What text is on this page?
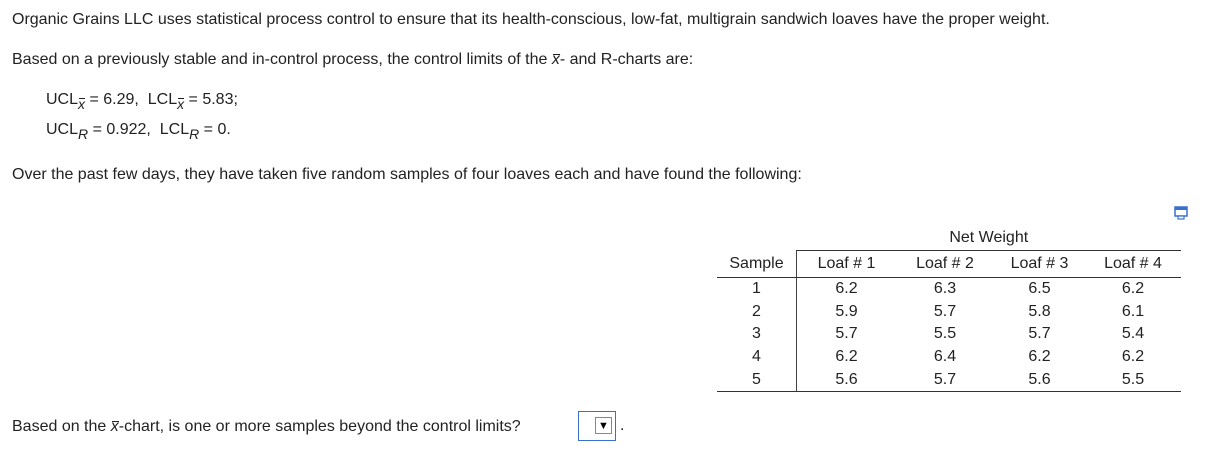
Organic Grains LLC uses statistical process control to ensure that its health-conscious, low-fat, multigrain sandwich loaves have the proper weight.
Based on a previously stable and in-control process, the control limits of the x- and R-charts are:
UCLx = 6.29, LCLx = 5.83;
UCLR = 0.922, LCLR = 0.
Over the past few days, they have taken five random samples of four loaves each and have found the following:
	Net Weight			
Sample	Loaf # 1	Loaf # 2	Loaf # 3	Loaf # 4
1	6.2	6.3	6.5	6.2
2	5.9	5.7	5.8	6.1
3	5.7	5.5	5.7	5.4
4	6.2	6.4	6.2	6.2
5	5.6	5.7	5.6	5.5
Based on the x-chart, is one or more samples beyond the control limits?	▼ .
